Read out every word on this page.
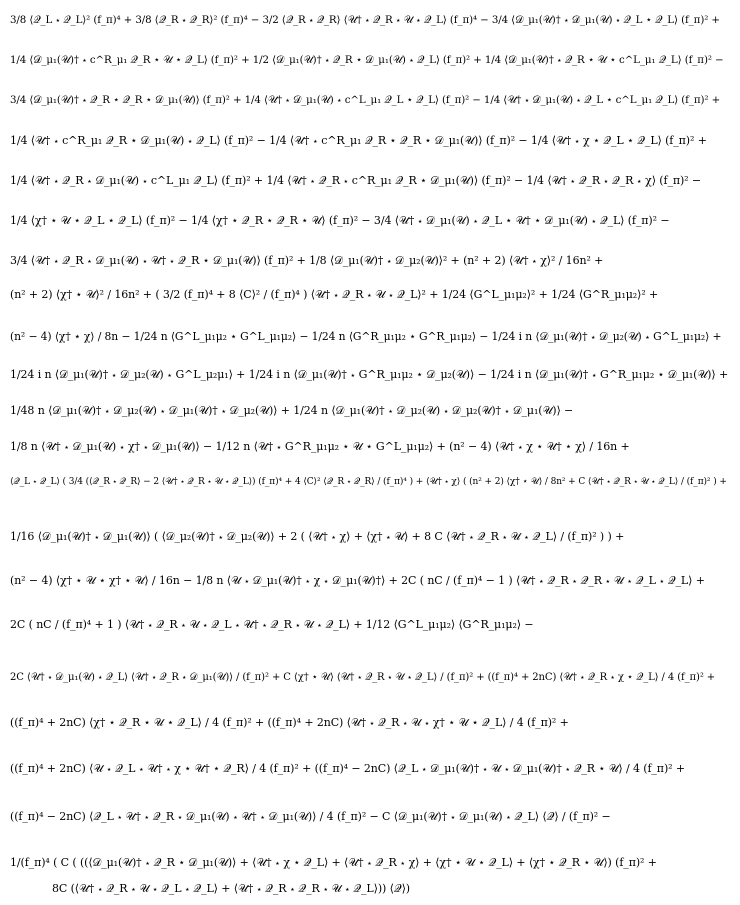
3/8 ⟨𝒬_L ⋆ 𝒬_L⟩² (f_π)⁴ + 3/8 ⟨𝒬_R ⋆ 𝒬_R⟩² (f_π)⁴ − 3/2 ⟨𝒬_R ⋆ 𝒬_R⟩ ⟨𝒰† ⋆ 𝒬_R ⋆ 𝒰 ⋆ 𝒬_L⟩ (f_π)⁴ − 3/4 ⟨𝒟_μ₁(𝒰)† ⋆ 𝒟_μ₁(𝒰) ⋆ 𝒬_L ⋆ 𝒬_L⟩ (f_π)² +
1/4 ⟨𝒟_μ₁(𝒰)† ⋆ c^R_μ₁ 𝒬_R ⋆ 𝒰 ⋆ 𝒬_L⟩ (f_π)² + 1/2 ⟨𝒟_μ₁(𝒰)† ⋆ 𝒬_R ⋆ 𝒟_μ₁(𝒰) ⋆ 𝒬_L⟩ (f_π)² + 1/4 ⟨𝒟_μ₁(𝒰)† ⋆ 𝒬_R ⋆ 𝒰 ⋆ c^L_μ₁ 𝒬_L⟩ (f_π)² −
3/4 ⟨𝒟_μ₁(𝒰)† ⋆ 𝒬_R ⋆ 𝒬_R ⋆ 𝒟_μ₁(𝒰)⟩ (f_π)² + 1/4 ⟨𝒰† ⋆ 𝒟_μ₁(𝒰) ⋆ c^L_μ₁ 𝒬_L ⋆ 𝒬_L⟩ (f_π)² − 1/4 ⟨𝒰† ⋆ 𝒟_μ₁(𝒰) ⋆ 𝒬_L ⋆ c^L_μ₁ 𝒬_L⟩ (f_π)² +
1/4 ⟨𝒰† ⋆ c^R_μ₁ 𝒬_R ⋆ 𝒟_μ₁(𝒰) ⋆ 𝒬_L⟩ (f_π)² − 1/4 ⟨𝒰† ⋆ c^R_μ₁ 𝒬_R ⋆ 𝒬_R ⋆ 𝒟_μ₁(𝒰)⟩ (f_π)² − 1/4 ⟨𝒰† ⋆ χ ⋆ 𝒬_L ⋆ 𝒬_L⟩ (f_π)² +
1/4 ⟨𝒰† ⋆ 𝒬_R ⋆ 𝒟_μ₁(𝒰) ⋆ c^L_μ₁ 𝒬_L⟩ (f_π)² + 1/4 ⟨𝒰† ⋆ 𝒬_R ⋆ c^R_μ₁ 𝒬_R ⋆ 𝒟_μ₁(𝒰)⟩ (f_π)² − 1/4 ⟨𝒰† ⋆ 𝒬_R ⋆ 𝒬_R ⋆ χ⟩ (f_π)² −
1/4 ⟨χ† ⋆ 𝒰 ⋆ 𝒬_L ⋆ 𝒬_L⟩ (f_π)² − 1/4 ⟨χ† ⋆ 𝒬_R ⋆ 𝒬_R ⋆ 𝒰⟩ (f_π)² − 3/4 ⟨𝒰† ⋆ 𝒟_μ₁(𝒰) ⋆ 𝒬_L ⋆ 𝒰† ⋆ 𝒟_μ₁(𝒰) ⋆ 𝒬_L⟩ (f_π)² −
3/4 ⟨𝒰† ⋆ 𝒬_R ⋆ 𝒟_μ₁(𝒰) ⋆ 𝒰† ⋆ 𝒬_R ⋆ 𝒟_μ₁(𝒰)⟩ (f_π)² + 1/8 ⟨𝒟_μ₁(𝒰)† ⋆ 𝒟_μ₂(𝒰)⟩² + (n² + 2) ⟨𝒰† ⋆ χ⟩² / 16n² +
(n² + 2) ⟨χ† ⋆ 𝒰⟩² / 16n² + ( 3/2 (f_π)⁴ + 8 ⟨C⟩² / (f_π)⁴ ) ⟨𝒰† ⋆ 𝒬_R ⋆ 𝒰 ⋆ 𝒬_L⟩² + 1/24 ⟨G^L_μ₁μ₂⟩² + 1/24 ⟨G^R_μ₁μ₂⟩² +
(n² − 4) ⟨χ† ⋆ χ⟩ / 8n − 1/24 n ⟨G^L_μ₁μ₂ ⋆ G^L_μ₁μ₂⟩ − 1/24 n ⟨G^R_μ₁μ₂ ⋆ G^R_μ₁μ₂⟩ − 1/24 i n ⟨𝒟_μ₁(𝒰)† ⋆ 𝒟_μ₂(𝒰) ⋆ G^L_μ₁μ₂⟩ +
1/24 i n ⟨𝒟_μ₁(𝒰)† ⋆ 𝒟_μ₂(𝒰) ⋆ G^L_μ₂μ₁⟩ + 1/24 i n ⟨𝒟_μ₁(𝒰)† ⋆ G^R_μ₁μ₂ ⋆ 𝒟_μ₂(𝒰)⟩ − 1/24 i n ⟨𝒟_μ₁(𝒰)† ⋆ G^R_μ₁μ₂ ⋆ 𝒟_μ₁(𝒰)⟩ +
1/48 n ⟨𝒟_μ₁(𝒰)† ⋆ 𝒟_μ₂(𝒰) ⋆ 𝒟_μ₁(𝒰)† ⋆ 𝒟_μ₂(𝒰)⟩ + 1/24 n ⟨𝒟_μ₁(𝒰)† ⋆ 𝒟_μ₂(𝒰) ⋆ 𝒟_μ₂(𝒰)† ⋆ 𝒟_μ₁(𝒰)⟩ −
1/8 n ⟨𝒰† ⋆ 𝒟_μ₁(𝒰) ⋆ χ† ⋆ 𝒟_μ₁(𝒰)⟩ − 1/12 n ⟨𝒰† ⋆ G^R_μ₁μ₂ ⋆ 𝒰 ⋆ G^L_μ₁μ₂⟩ + (n² − 4) ⟨𝒰† ⋆ χ ⋆ 𝒰† ⋆ χ⟩ / 16n +
⟨𝒬_L ⋆ 𝒬_L⟩ ( 3/4 (⟨𝒬_R ⋆ 𝒬_R⟩ − 2 ⟨𝒰† ⋆ 𝒬_R ⋆ 𝒰 ⋆ 𝒬_L⟩) (f_π)⁴ + 4 ⟨C⟩² ⟨𝒬_R ⋆ 𝒬_R⟩ / (f_π)⁴ ) + ⟨𝒰† ⋆ χ⟩ ( (n² + 2) ⟨χ† ⋆ 𝒰⟩ / 8n² + C ⟨𝒰† ⋆ 𝒬_R ⋆ 𝒰 ⋆ 𝒬_L⟩ / (f_π)² ) +
1/16 ⟨𝒟_μ₁(𝒰)† ⋆ 𝒟_μ₁(𝒰)⟩ ( ⟨𝒟_μ₂(𝒰)† ⋆ 𝒟_μ₂(𝒰)⟩ + 2 ( ⟨𝒰† ⋆ χ⟩ + ⟨χ† ⋆ 𝒰⟩ + 8 C ⟨𝒰† ⋆ 𝒬_R ⋆ 𝒰 ⋆ 𝒬_L⟩ / (f_π)² ) ) +
(n² − 4) ⟨χ† ⋆ 𝒰 ⋆ χ† ⋆ 𝒰⟩ / 16n − 1/8 n ⟨𝒰 ⋆ 𝒟_μ₁(𝒰)† ⋆ χ ⋆ 𝒟_μ₁(𝒰)†⟩ + 2C ( nC / (f_π)⁴ − 1 ) ⟨𝒰† ⋆ 𝒬_R ⋆ 𝒬_R ⋆ 𝒰 ⋆ 𝒬_L ⋆ 𝒬_L⟩ +
2C ( nC / (f_π)⁴ + 1 ) ⟨𝒰† ⋆ 𝒬_R ⋆ 𝒰 ⋆ 𝒬_L ⋆ 𝒰† ⋆ 𝒬_R ⋆ 𝒰 ⋆ 𝒬_L⟩ + 1/12 ⟨G^L_μ₁μ₂⟩ ⟨G^R_μ₁μ₂⟩ −
2C ⟨𝒰† ⋆ 𝒟_μ₁(𝒰) ⋆ 𝒬_L⟩ ⟨𝒰† ⋆ 𝒬_R ⋆ 𝒟_μ₁(𝒰)⟩ / (f_π)² + C ⟨χ† ⋆ 𝒰⟩ ⟨𝒰† ⋆ 𝒬_R ⋆ 𝒰 ⋆ 𝒬_L⟩ / (f_π)² + ((f_π)⁴ + 2nC) ⟨𝒰† ⋆ 𝒬_R ⋆ χ ⋆ 𝒬_L⟩ / 4 (f_π)² +
((f_π)⁴ + 2nC) ⟨χ† ⋆ 𝒬_R ⋆ 𝒰 ⋆ 𝒬_L⟩ / 4 (f_π)² + ((f_π)⁴ + 2nC) ⟨𝒰† ⋆ 𝒬_R ⋆ 𝒰 ⋆ χ† ⋆ 𝒰 ⋆ 𝒬_L⟩ / 4 (f_π)² +
((f_π)⁴ + 2nC) ⟨𝒰 ⋆ 𝒬_L ⋆ 𝒰† ⋆ χ ⋆ 𝒰† ⋆ 𝒬_R⟩ / 4 (f_π)² + ((f_π)⁴ − 2nC) ⟨𝒬_L ⋆ 𝒟_μ₁(𝒰)† ⋆ 𝒰 ⋆ 𝒟_μ₁(𝒰)† ⋆ 𝒬_R ⋆ 𝒰⟩ / 4 (f_π)² +
((f_π)⁴ − 2nC) ⟨𝒬_L ⋆ 𝒰† ⋆ 𝒬_R ⋆ 𝒟_μ₁(𝒰) ⋆ 𝒰† ⋆ 𝒟_μ₁(𝒰)⟩ / 4 (f_π)² − C ⟨𝒟_μ₁(𝒰)† ⋆ 𝒟_μ₁(𝒰) ⋆ 𝒬_L⟩ ⟨𝒬⟩ / (f_π)² −
1/(f_π)⁴ ( C ( ((⟨𝒟_μ₁(𝒰)† ⋆ 𝒬_R ⋆ 𝒟_μ₁(𝒰)⟩ + ⟨𝒰† ⋆ χ ⋆ 𝒬_L⟩ + ⟨𝒰† ⋆ 𝒬_R ⋆ χ⟩ + ⟨χ† ⋆ 𝒰 ⋆ 𝒬_L⟩ + ⟨χ† ⋆ 𝒬_R ⋆ 𝒰⟩) (f_π)² +
8C (⟨𝒰† ⋆ 𝒬_R ⋆ 𝒰 ⋆ 𝒬_L ⋆ 𝒬_L⟩ + ⟨𝒰† ⋆ 𝒬_R ⋆ 𝒬_R ⋆ 𝒰 ⋆ 𝒬_L⟩)) ⟨𝒬⟩)
